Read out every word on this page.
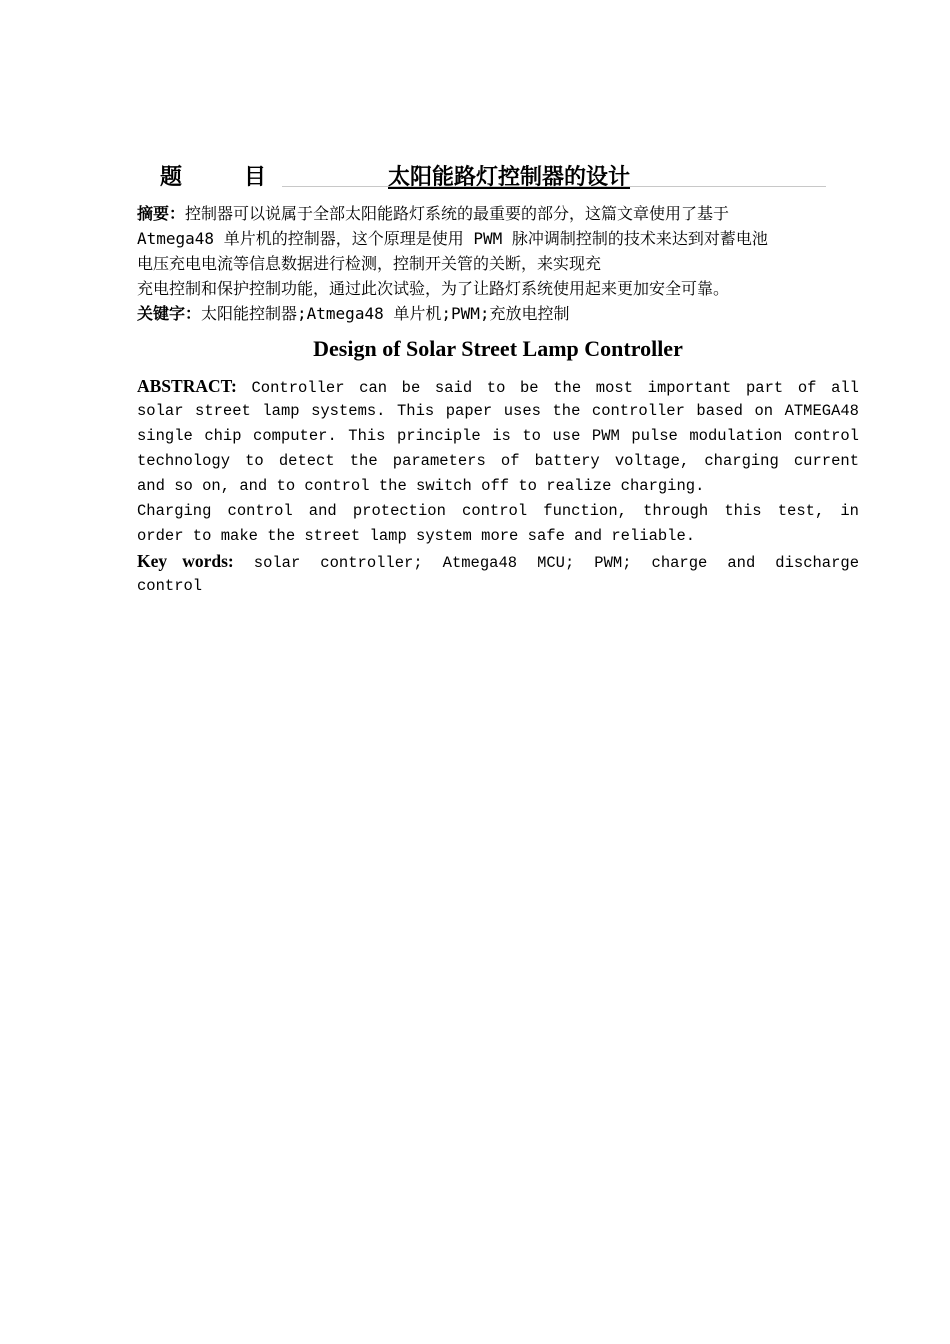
题	目	太阳能路灯控制器的设计
摘要：控制器可以说属于全部太阳能路灯系统的最重要的部分，这篇文章使用了基于
Atmega48 单片机的控制器，这个原理是使用 PWM 脉冲调制控制的技术来达到对蓄电池
电压充电电流等信息数据进行检测，控制开关管的关断，来实现充
充电控制和保护控制功能，通过此次试验，为了让路灯系统使用起来更加安全可靠。
关键字：太阳能控制器;Atmega48 单片机;PWM;充放电控制
Design of Solar Street Lamp Controller
ABSTRACT: Controller can be said to be the most important part of all
solar street lamp systems. This paper uses the controller based on ATMEGA48
single chip computer. This principle is to use PWM pulse modulation control
technology to detect the parameters of battery voltage, charging current
and so on, and to control the switch off to realize charging.
Charging control and protection control function, through this test, in
order to make the street lamp system more safe and reliable.
Key words: solar controller; Atmega48 MCU; PWM; charge and discharge
control
